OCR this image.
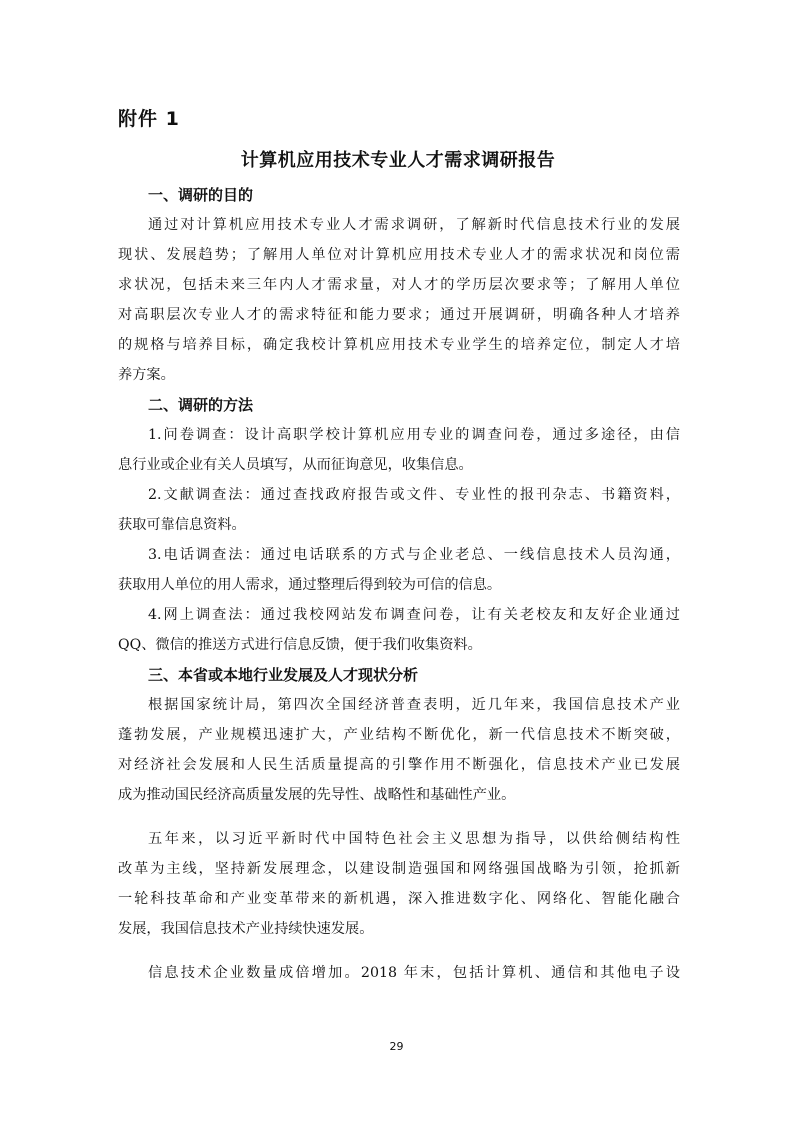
附件 1
计算机应用技术专业人才需求调研报告
一、调研的目的
通过对计算机应用技术专业人才需求调研，了解新时代信息技术行业的发展
现状、发展趋势；了解用人单位对计算机应用技术专业人才的需求状况和岗位需
求状况，包括未来三年内人才需求量，对人才的学历层次要求等；了解用人单位
对高职层次专业人才的需求特征和能力要求；通过开展调研，明确各种人才培养
的规格与培养目标，确定我校计算机应用技术专业学生的培养定位，制定人才培
养方案。
二、调研的方法
1.问卷调查：设计高职学校计算机应用专业的调查问卷，通过多途径，由信
息行业或企业有关人员填写，从而征询意见，收集信息。
2.文献调查法：通过查找政府报告或文件、专业性的报刊杂志、书籍资料，
获取可靠信息资料。
3.电话调查法：通过电话联系的方式与企业老总、一线信息技术人员沟通，
获取用人单位的用人需求，通过整理后得到较为可信的信息。
4.网上调查法：通过我校网站发布调查问卷，让有关老校友和友好企业通过
QQ、微信的推送方式进行信息反馈，便于我们收集资料。
三、本省或本地行业发展及人才现状分析
根据国家统计局，第四次全国经济普查表明，近几年来，我国信息技术产业
蓬勃发展，产业规模迅速扩大，产业结构不断优化，新一代信息技术不断突破，
对经济社会发展和人民生活质量提高的引擎作用不断强化，信息技术产业已发展
成为推动国民经济高质量发展的先导性、战略性和基础性产业。
五年来，以习近平新时代中国特色社会主义思想为指导，以供给侧结构性
改革为主线，坚持新发展理念，以建设制造强国和网络强国战略为引领，抢抓新
一轮科技革命和产业变革带来的新机遇，深入推进数字化、网络化、智能化融合
发展，我国信息技术产业持续快速发展。
信息技术企业数量成倍增加。2018 年末，包括计算机、通信和其他电子设
29
